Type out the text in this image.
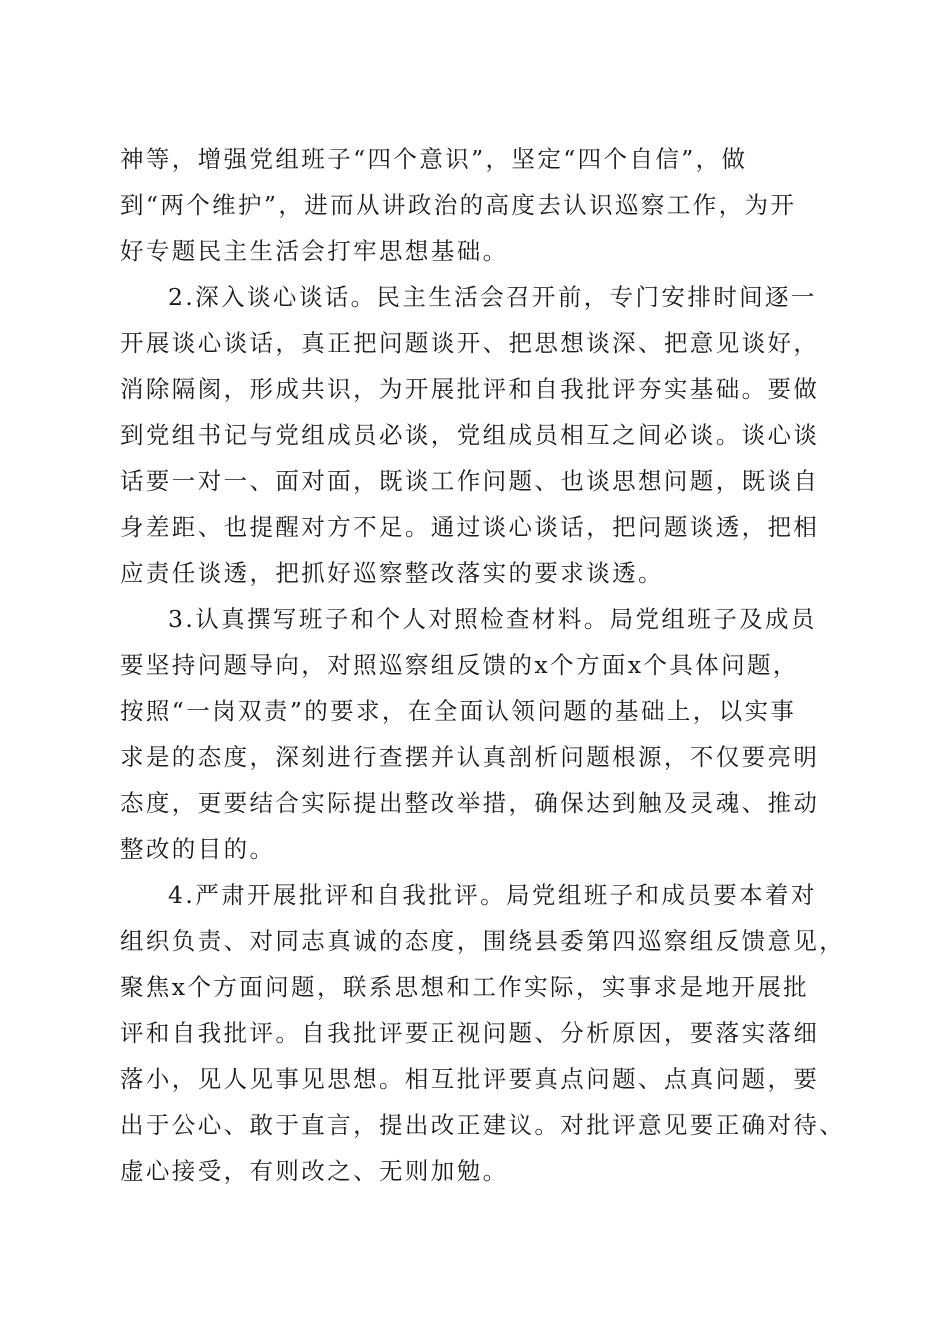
神等，增强党组班子“四个意识”，坚定“四个自信”，做
到“两个维护”，进而从讲政治的高度去认识巡察工作，为开
好专题民主生活会打牢思想基础。
2.深入谈心谈话。民主生活会召开前，专门安排时间逐一
开展谈心谈话，真正把问题谈开、把思想谈深、把意见谈好，
消除隔阂，形成共识，为开展批评和自我批评夯实基础。要做
到党组书记与党组成员必谈，党组成员相互之间必谈。谈心谈
话要一对一、面对面，既谈工作问题、也谈思想问题，既谈自
身差距、也提醒对方不足。通过谈心谈话，把问题谈透，把相
应责任谈透，把抓好巡察整改落实的要求谈透。
3.认真撰写班子和个人对照检查材料。局党组班子及成员
要坚持问题导向，对照巡察组反馈的x个方面x个具体问题，
按照“一岗双责”的要求，在全面认领问题的基础上，以实事
求是的态度，深刻进行查摆并认真剖析问题根源，不仅要亮明
态度，更要结合实际提出整改举措，确保达到触及灵魂、推动
整改的目的。
4.严肃开展批评和自我批评。局党组班子和成员要本着对
组织负责、对同志真诚的态度，围绕县委第四巡察组反馈意见，
聚焦x个方面问题，联系思想和工作实际，实事求是地开展批
评和自我批评。自我批评要正视问题、分析原因，要落实落细
落小，见人见事见思想。相互批评要真点问题、点真问题，要
出于公心、敢于直言，提出改正建议。对批评意见要正确对待、
虚心接受，有则改之、无则加勉。
